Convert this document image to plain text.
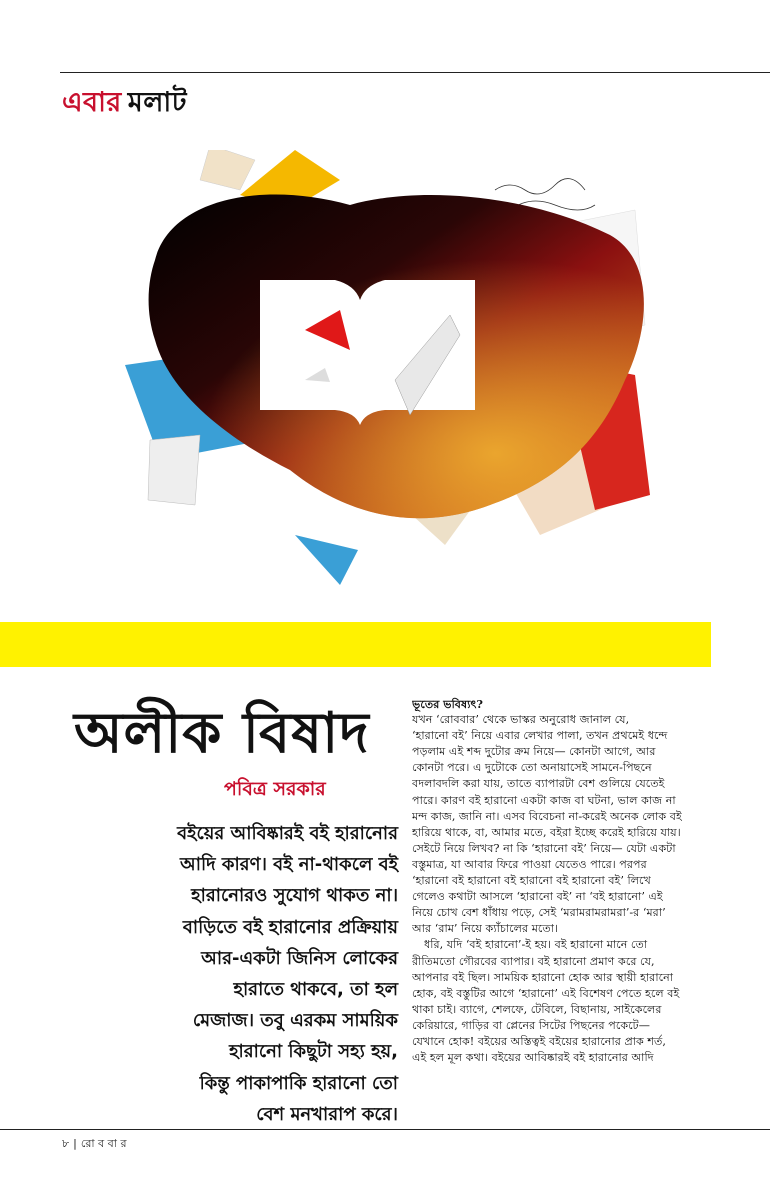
এবার মলাট
অলীক বিষাদ
পবিত্র সরকার

বইয়ের আবিষ্কারই বই হারানোর

আদি কারণ। বই না-থাকলে বই

হারানোরও সুযোগ থাকত না।

বাড়িতে বই হারানোর প্রক্রিয়ায়

আর-একটা জিনিস লোকের

হারাতে থাকবে, তা হল

মেজাজ। তবু এরকম সাময়িক

হারানো কিছুটা সহ্য হয়,

কিন্তু পাকাপাকি হারানো তো

বেশ মনখারাপ করে।

ভূতের ভবিষ্যৎ?

যখন ‘রোববার’ থেকে ভাস্কর অনুরোধ জানাল যে,

‘হারানো বই’ নিয়ে এবার লেখার পালা, তখন প্রথমেই ধন্দে

পড়লাম এই শব্দ দুটোর ক্রম নিয়ে— কোনটা আগে, আর

কোনটা পরে। এ দুটোকে তো অনায়াসেই সামনে-পিছনে

বদলাবদলি করা যায়, তাতে ব্যাপারটা বেশ গুলিয়ে যেতেই

পারে। কারণ বই হারানো একটা কাজ বা ঘটনা, ভাল কাজ না

মন্দ কাজ, জানি না। এসব বিবেচনা না-করেই অনেক লোক বই

হারিয়ে থাকে, বা, আমার মতে, বইরা ইচ্ছে করেই হারিয়ে যায়।

সেইটে নিয়ে লিখব? না কি ‘হারানো বই’ নিয়ে— যেটা একটা

বস্তুমাত্র, যা আবার ফিরে পাওয়া যেতেও পারে। পরপর

‘হারানো বই হারানো বই হারানো বই হারানো বই’ লিখে

গেলেও কথাটা আসলে ‘হারানো বই’ না ‘বই হারানো’ এই

নিয়ে চোখ বেশ ধাঁধায় পড়ে, সেই ‘মরামরামরামরা’-র ‘মরা’

আর ‘রাম’ নিয়ে ক্যাঁচালের মতো।

ধরি, যদি ‘বই হারানো’-ই হয়। বই হারানো মানে তো

রীতিমতো গৌরবের ব্যাপার। বই হারানো প্রমাণ করে যে,

আপনার বই ছিল। সাময়িক হারানো হোক আর স্থায়ী হারানো

হোক, বই বস্তুটির আগে ‘হারানো’ এই বিশেষণ পেতে হলে বই

থাকা চাই। ব্যাগে, শেলফে, টেবিলে, বিছানায়, সাইকেলের

কেরিয়ারে, গাড়ির বা প্লেনের সিটের পিছনের পকেটে—

যেখানে হোক! বইয়ের অস্তিত্বই বইয়ের হারানোর প্রাক শর্ত,

এই হল মূল কথা। বইয়ের আবিষ্কারই বই হারানোর আদি

৮ | রো ব বা র
